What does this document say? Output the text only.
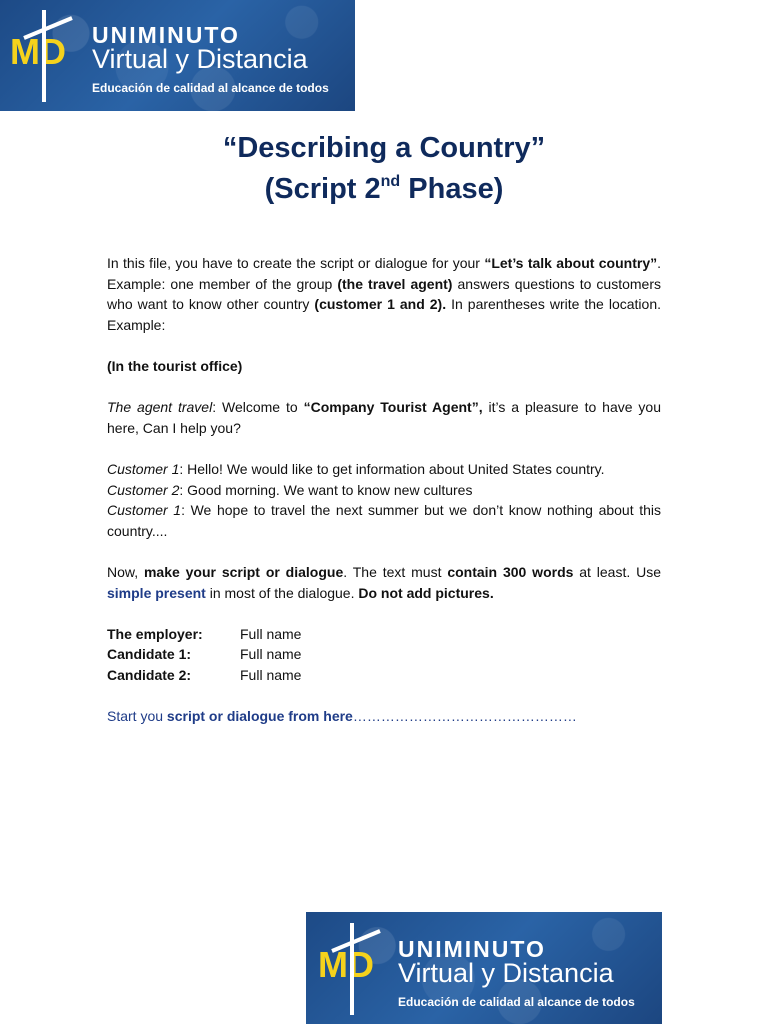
MD UNIMINUTO
Virtual y Distancia
Educación de calidad al alcance de todos
“Describing a Country”
(Script 2nd Phase)

In this file, you have to create the script or dialogue for your “Let’s talk about country”. Example: one member of the group (the travel agent) answers questions to customers who want to know other country (customer 1 and 2). In parentheses write the location. Example:

(In the tourist office)

The agent travel: Welcome to “Company Tourist Agent”, it’s a pleasure to have you here, Can I help you?

Customer 1: Hello! We would like to get information about United States country.

Customer 2: Good morning. We want to know new cultures

Customer 1: We hope to travel the next summer but we don’t know nothing about this country....

Now, make your script or dialogue. The text must contain 300 words at least. Use simple present in most of the dialogue. Do not add pictures.

The employer:	Full name
Candidate 1:	Full name
Candidate 2:	Full name

Start you script or dialogue from here…………………………………………

MD UNIMINUTO
Virtual y Distancia
Educación de calidad al alcance de todos
